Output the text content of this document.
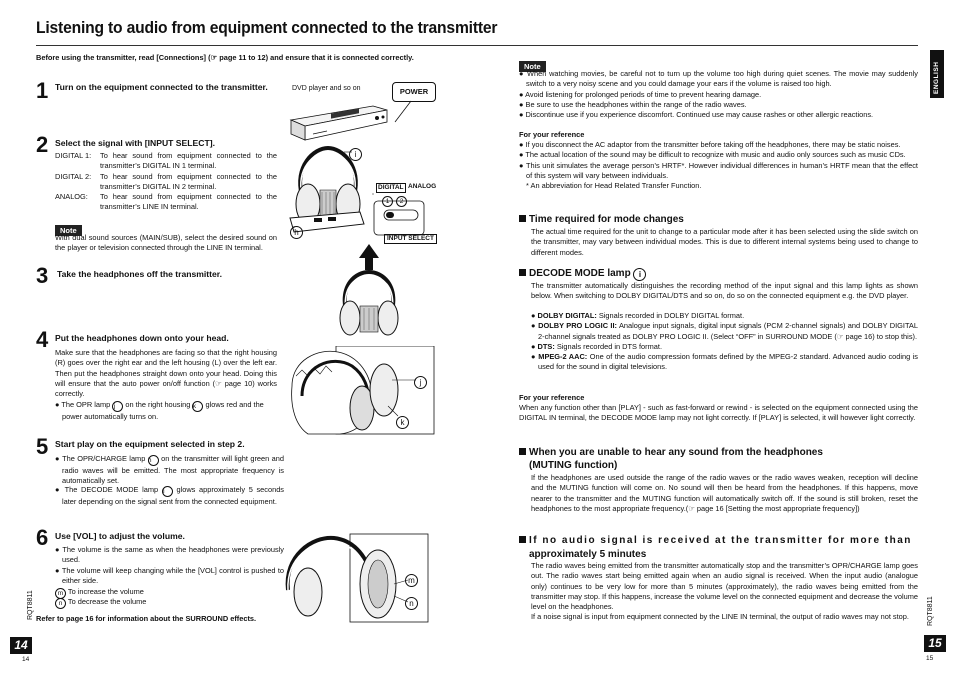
Listening to audio from equipment connected to the transmitter
Before using the transmitter, read [Connections] (☞ page 11 to 12) and ensure that it is connected correctly.
1 Turn on the equipment connected to the transmitter.
2 Select the signal with [INPUT SELECT].
DIGITAL 1:	To hear sound from equipment connected to the transmitter’s DIGITAL IN 1 terminal.
DIGITAL 2:	To hear sound from equipment connected to the transmitter’s DIGITAL IN 2 terminal.
ANALOG:	To hear sound from equipment connected to the transmitter’s LINE IN terminal.
Note
With dual sound sources (MAIN/SUB), select the desired sound on the player or television connected through the LINE IN terminal.
3 Take the headphones off the transmitter.
4 Put the headphones down onto your head.
Make sure that the headphones are facing so that the right housing (R) goes over the right ear and the left housing (L) over the left ear. Then put the headphones straight down onto your head. Doing this will ensure that the auto power on/off function (☞ page 10) works correctly.
● The OPR lamp j on the right housing k glows red and the power automatically turns on.
5 Start play on the equipment selected in step 2.
● The OPR/CHARGE lamp h on the transmitter will light green and radio waves will be emitted. The most appropriate frequency is automatically set.
● The DECODE MODE lamp i glows approximately 5 seconds later depending on the signal sent from the connected equipment.
6 Use [VOL] to adjust the volume.
● The volume is the same as when the headphones were previously used.
● The volume will keep changing while the [VOL] control is pushed to either side.
m To increase the volume
n To decrease the volume
Refer to page 16 for information about the SURROUND effects.
RQT8811
14
14
DVD player and so on	POWER
i
h
DIGITAL ANALOG
1	2
INPUT SELECT
j
k
m
n
Note
● When watching movies, be careful not to turn up the volume too high during quiet scenes. The movie may suddenly switch to a very noisy scene and you could damage your ears if the volume is raised too high.
● Avoid listening for prolonged periods of time to prevent hearing damage.
● Be sure to use the headphones within the range of the radio waves.
● Discontinue use if you experience discomfort. Continued use may cause rashes or other allergic reactions.
For your reference
● If you disconnect the AC adaptor from the transmitter before taking off the headphones, there may be static noises.
● The actual location of the sound may be difficult to recognize with music and audio only sources such as music CDs.
● This unit simulates the average person’s HRTF*. However individual differences in human’s HRTF mean that the effect of this system will vary between individuals.
* An abbreviation for Head Related Transfer Function.
Time required for mode changes
The actual time required for the unit to change to a particular mode after it has been selected using the slide switch on the transmitter, may vary between individual modes. This is due to different internal systems being used to change to different modes.
DECODE MODE lamp i
The transmitter automatically distinguishes the recording method of the input signal and this lamp lights as shown below. When switching to DOLBY DIGITAL/DTS and so on, do so on the connected equipment e.g. the DVD player.
● DOLBY DIGITAL: Signals recorded in DOLBY DIGITAL format.
● DOLBY PRO LOGIC II: Analogue input signals, digital input signals (PCM 2-channel signals) and DOLBY DIGITAL 2-channel signals treated as DOLBY PRO LOGIC II. (Select “OFF” in SURROUND MODE (☞ page 16) to stop this).
● DTS: Signals recorded in DTS format.
● MPEG-2 AAC: One of the audio compression formats defined by the MPEG-2 standard. Advanced audio coding is used for the sound in digital televisions.
For your reference
When any function other than [PLAY] - such as fast-forward or rewind - is selected on the equipment connected using the DIGITAL IN terminal, the DECODE MODE lamp may not light correctly. If [PLAY] is selected, it will however light correctly.
When you are unable to hear any sound from the headphones
(MUTING function)
If the headphones are used outside the range of the radio waves or the radio waves weaken, reception will decline and the MUTING function will come on. No sound will then be heard from the headphones. If this happens, move nearer to the transmitter and the MUTING function will automatically switch off. If the sound is still broken, reset the headphones to the most appropriate frequency.(☞ page 16 [Setting the most appropriate frequency])
If no audio signal is received at the transmitter for more than
approximately 5 minutes
The radio waves being emitted from the transmitter automatically stop and the transmitter’s OPR/CHARGE lamp goes out. The radio waves start being emitted again when an audio signal is received. When the input audio (analogue only) continues to be very low for more than 5 minutes (approximately), the radio waves being emitted from the transmitter may stop. If this happens, increase the volume level on the connected equipment and decrease the volume level on the headphones.
If a noise signal is input from equipment connected by the LINE IN terminal, the output of radio waves may not stop.
ENGLISH
RQT8811
15
15
